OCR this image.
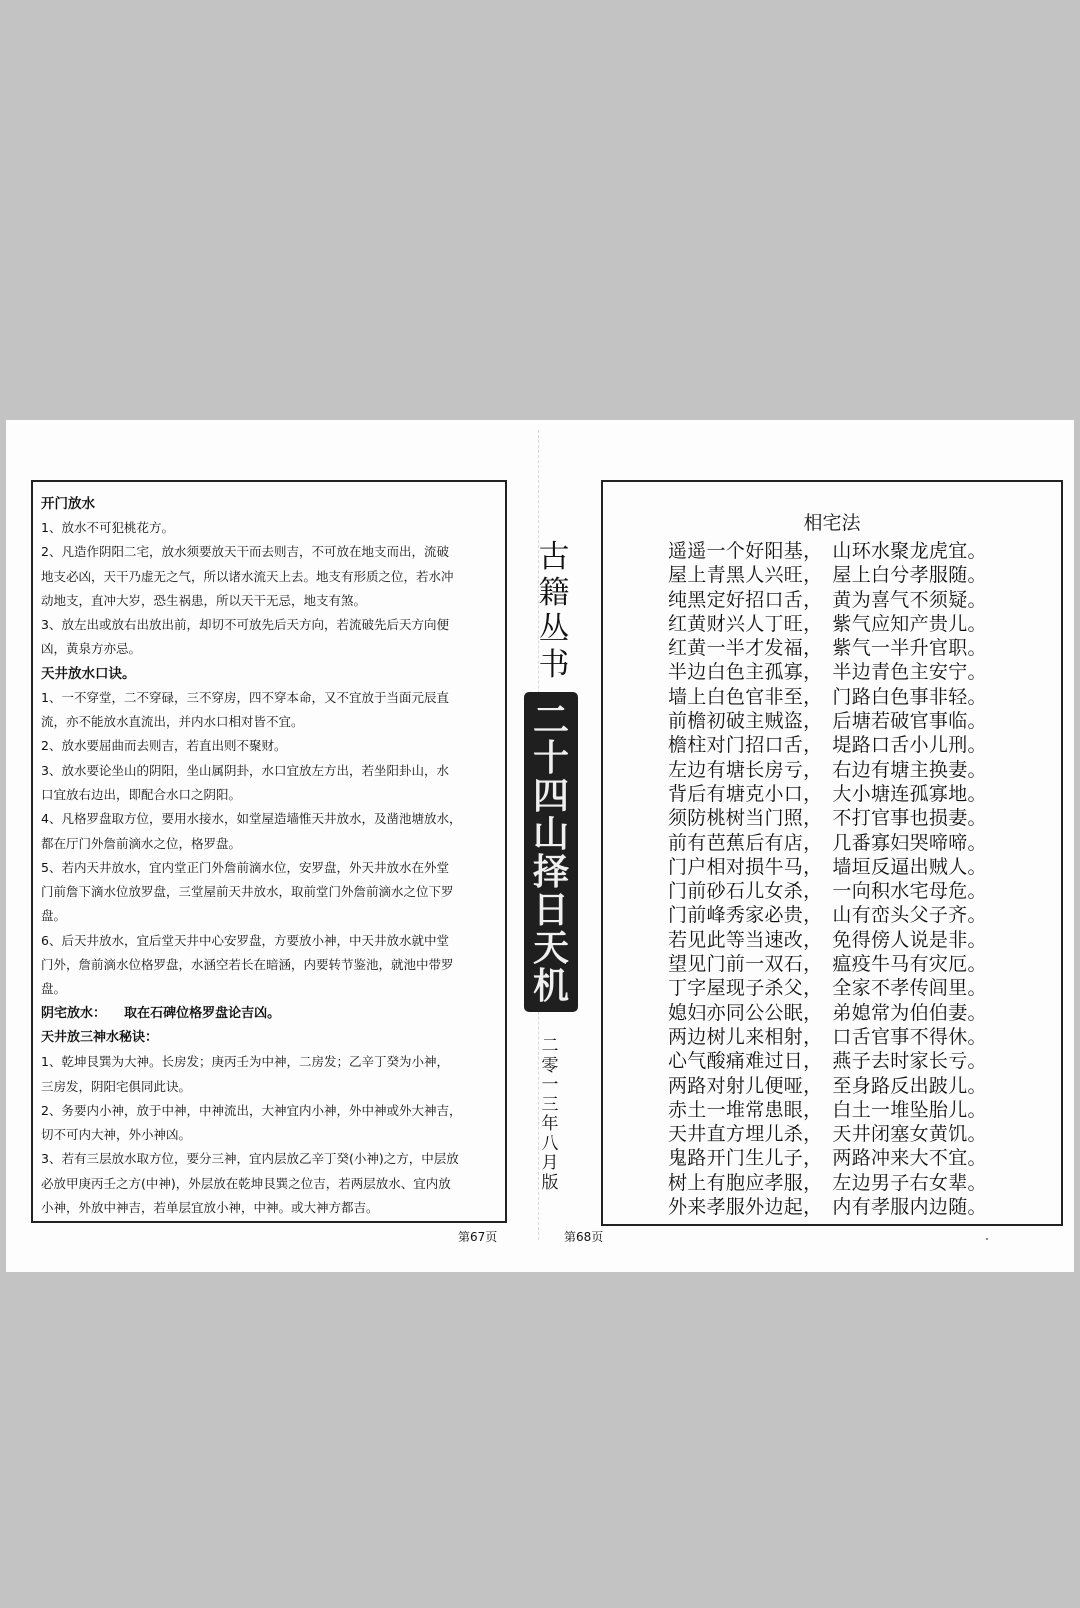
开门放水
1、放水不可犯桃花方。
2、凡造作阴阳二宅，放水须要放天干而去则吉，不可放在地支而出，流破
地支必凶，天干乃虚无之气，所以诸水流天上去。地支有形质之位，若水冲
动地支，直冲大岁，恐生祸患，所以天干无忌，地支有煞。
3、放左出或放右出放出前，却切不可放先后天方向，若流破先后天方向便
凶，黄泉方亦忌。
天井放水口诀。
1、一不穿堂，二不穿碌，三不穿房，四不穿本命，又不宜放于当面元辰直
流，亦不能放水直流出，并内水口相对皆不宜。
2、放水要屈曲而去则吉，若直出则不聚财。
3、放水要论坐山的阴阳，坐山属阴卦，水口宜放左方出，若坐阳卦山，水
口宜放右边出，即配合水口之阴阳。
4、凡格罗盘取方位，要用水接水，如堂屋造墙惟天井放水，及凿池塘放水，
都在厅门外詹前滴水之位，格罗盘。
5、若内天井放水，宜内堂正门外詹前滴水位，安罗盘，外天井放水在外堂
门前詹下滴水位放罗盘，三堂屋前天井放水，取前堂门外詹前滴水之位下罗
盘。
6、后天井放水，宜后堂天井中心安罗盘，方要放小神，中天井放水就中堂
门外，詹前滴水位格罗盘，水涵空若长在暗涵，内要转节鉴池，就池中带罗
盘。
阴宅放水：    取在石碑位格罗盘论吉凶。
天井放三神水秘诀：
1、乾坤艮巽为大神。长房发；庚丙壬为中神，二房发；乙辛丁癸为小神，
三房发，阴阳宅俱同此诀。
2、务要内小神，放于中神，中神流出，大神宜内小神，外中神或外大神吉，
切不可内大神，外小神凶。
3、若有三层放水取方位，要分三神，宜内层放乙辛丁癸(小神)之方，中层放
必放甲庚丙壬之方(中神)，外层放在乾坤艮巽之位吉，若两层放水、宜内放
小神，外放中神吉，若单层宜放小神，中神。或大神方都吉。
第67页
古
籍
丛
书
二
十
四
山
择
日
天
机
二
零
一
三
年
八
月
版
相宅法
遥遥一个好阳基， 山环水聚龙虎宜。
屋上青黑人兴旺， 屋上白兮孝服随。
纯黑定好招口舌， 黄为喜气不须疑。
红黄财兴人丁旺， 紫气应知产贵儿。
红黄一半才发福， 紫气一半升官职。
半边白色主孤寡， 半边青色主安宁。
墙上白色官非至， 门路白色事非轻。
前檐初破主贼盗， 后塘若破官事临。
檐柱对门招口舌， 堤路口舌小儿刑。
左边有塘长房亏， 右边有塘主换妻。
背后有塘克小口， 大小塘连孤寡地。
须防桃树当门照， 不打官事也损妻。
前有芭蕉后有店， 几番寡妇哭啼啼。
门户相对损牛马， 墙垣反逼出贼人。
门前砂石儿女杀， 一向积水宅母危。
门前峰秀家必贵， 山有峦头父子齐。
若见此等当速改， 免得傍人说是非。
望见门前一双石， 瘟疫牛马有灾厄。
丁字屋现子杀父， 全家不孝传闾里。
媳妇亦同公公眠， 弟媳常为伯伯妻。
两边树儿来相射， 口舌官事不得休。
心气酸痛难过日， 燕子去时家长亏。
两路对射儿便哑， 至身路反出跛儿。
赤土一堆常患眼， 白土一堆坠胎儿。
天井直方埋儿杀， 天井闭塞女黄饥。
鬼路开门生儿子， 两路冲来大不宜。
树上有胞应孝服， 左边男子右女辈。
外来孝服外边起， 内有孝服内边随。
第68页
